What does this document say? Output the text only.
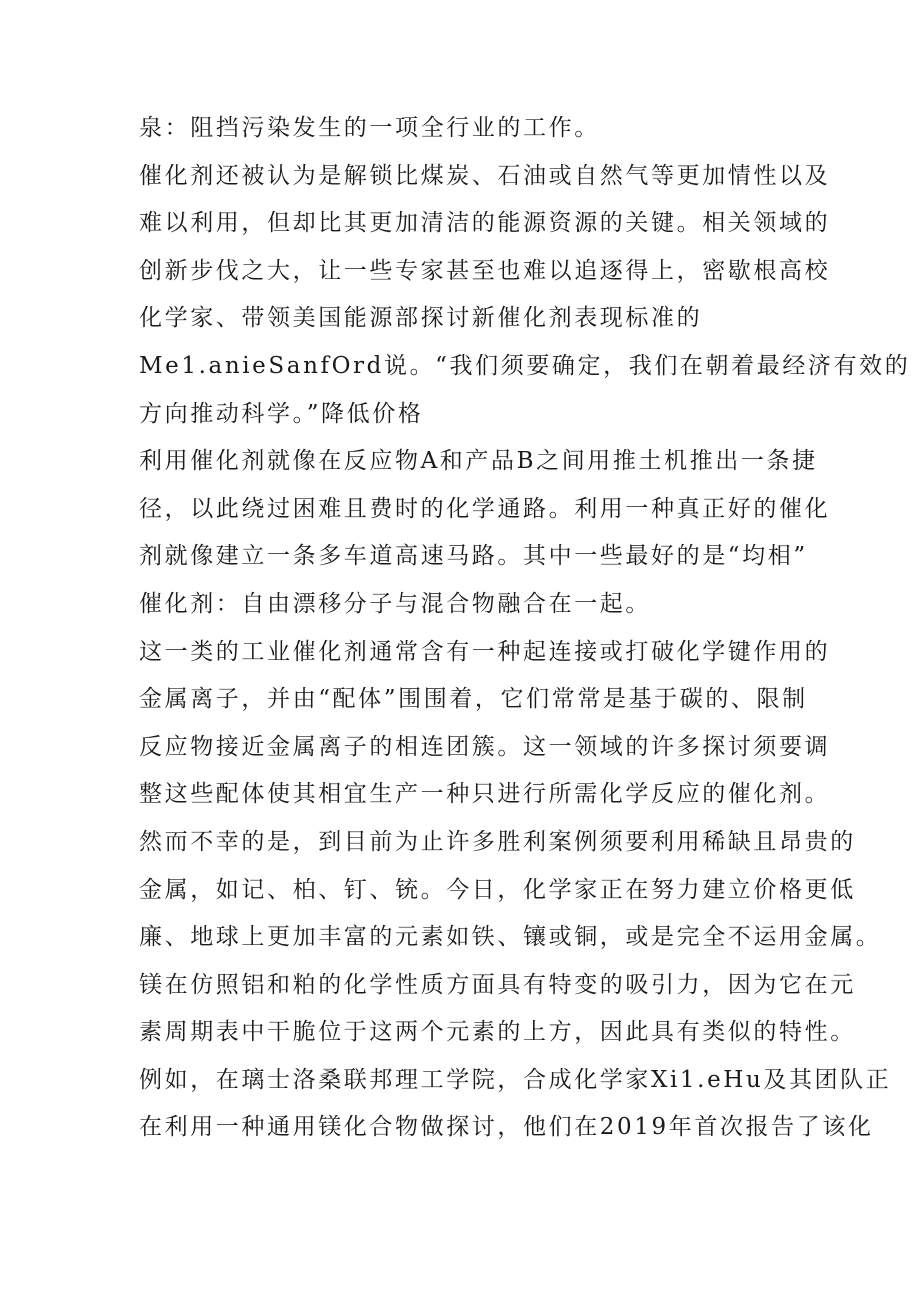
泉：阻挡污染发生的一项全行业的工作。
催化剂还被认为是解锁比煤炭、石油或自然气等更加情性以及
难以利用，但却比其更加清洁的能源资源的关键。相关领域的
创新步伐之大，让一些专家甚至也难以追逐得上，密歇根高校
化学家、带领美国能源部探讨新催化剂表现标准的
Me1.anieSanfOrd说。“我们须要确定，我们在朝着最经济有效的
方向推动科学。”降低价格
利用催化剂就像在反应物A和产品B之间用推土机推出一条捷
径，以此绕过困难且费时的化学通路。利用一种真正好的催化
剂就像建立一条多车道高速马路。其中一些最好的是“均相”
催化剂：自由漂移分子与混合物融合在一起。
这一类的工业催化剂通常含有一种起连接或打破化学键作用的
金属离子，并由“配体”围围着，它们常常是基于碳的、限制
反应物接近金属离子的相连团簇。这一领域的许多探讨须要调
整这些配体使其相宜生产一种只进行所需化学反应的催化剂。
然而不幸的是，到目前为止许多胜利案例须要利用稀缺且昂贵的
金属，如记、柏、钉、铳。今日，化学家正在努力建立价格更低
廉、地球上更加丰富的元素如铁、镶或铜，或是完全不运用金属。
镁在仿照铝和粕的化学性质方面具有特变的吸引力，因为它在元
素周期表中干脆位于这两个元素的上方，因此具有类似的特性。
例如，在璃士洛桑联邦理工学院，合成化学家Xi1.eHu及其团队正
在利用一种通用镁化合物做探讨，他们在2019年首次报告了该化
